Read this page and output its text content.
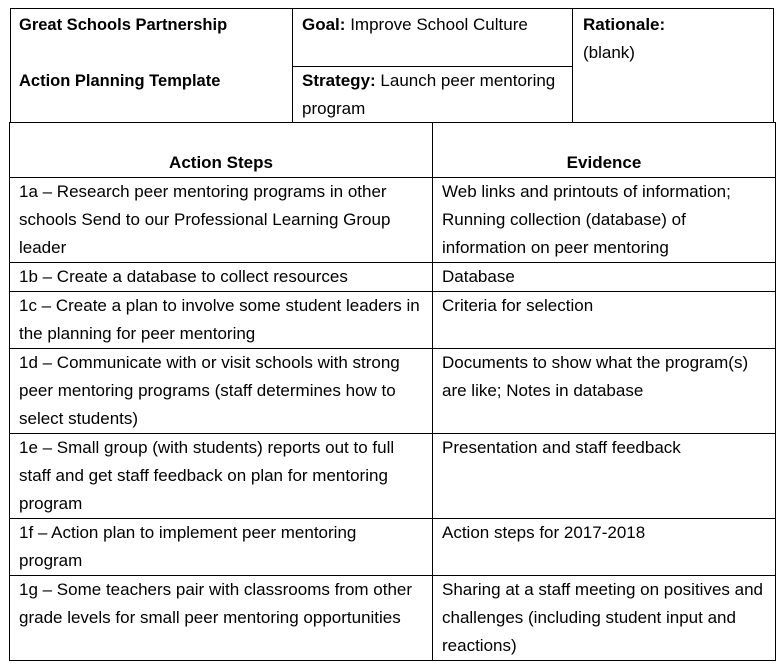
Great Schools Partnership
Action Planning Template
Goal: Improve School Culture
Strategy: Launch peer mentoring program
Rationale:
(blank)
Action Steps	Evidence
1a – Research peer mentoring programs in other schools Send to our Professional Learning Group leader	Web links and printouts of information; Running collection (database) of information on peer mentoring
1b – Create a database to collect resources	Database
1c – Create a plan to involve some student leaders in the planning for peer mentoring	Criteria for selection
1d – Communicate with or visit schools with strong peer mentoring programs (staff determines how to select students)	Documents to show what the program(s) are like; Notes in database
1e – Small group (with students) reports out to full staff and get staff feedback on plan for mentoring program	Presentation and staff feedback
1f – Action plan to implement peer mentoring program	Action steps for 2017-2018
1g – Some teachers pair with classrooms from other grade levels for small peer mentoring opportunities	Sharing at a staff meeting on positives and challenges (including student input and reactions)
